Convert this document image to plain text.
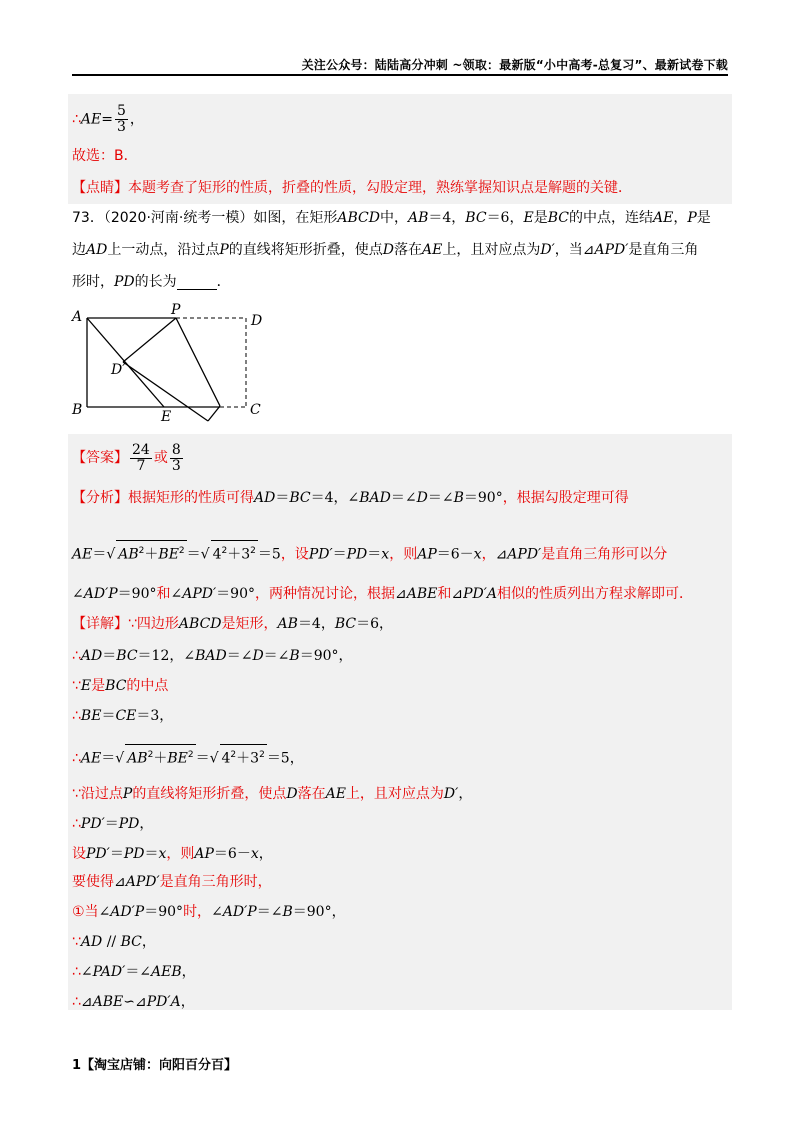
关注公众号：陆陆高分冲刺 ~领取：最新版“小中高考-总复习”、最新试卷下载
∴AE= $\frac{5}{3}$ ，
故选：B．
【点睛】本题考查了矩形的性质，折叠的性质，勾股定理，熟练掌握知识点是解题的关键．
73．（2020·河南·统考一模）如图，在矩形ABCD中，AB＝4，BC＝6，E是BC的中点，连结AE，P是
边AD上一动点，沿过点P的直线将矩形折叠，使点D落在AE上，且对应点为D′，当⊿APD′是直角三角
形时，PD的长为	．
A	P
D
D′
B	E	C
【答案】 $\frac{24}{7}$ 或 $\frac{8}{3}$
【分析】根据矩形的性质可得AD＝BC＝4，∠BAD＝∠D＝∠B＝90°，根据勾股定理可得
AE＝√ $AB^2+BE^2$ ＝√ $4^2+3^2 =5$，设PD′＝PD＝x，则AP＝6－x，⊿APD′是直角三角形可以分
∠AD′P＝90°和∠APD′＝90°，两种情况讨论，根据⊿ABE和⊿PD′A相似的性质列出方程求解即可．
【详解】∵四边形ABCD是矩形，AB＝4，BC＝6，
∴AD＝BC＝12，∠BAD＝∠D＝∠B＝90°，
∵E是BC的中点
∴BE＝CE＝3，
∴AE＝√ $AB^2+BE^2$ ＝√ $4^2+3^2 =5$，
∵沿过点P的直线将矩形折叠，使点D落在AE上，且对应点为D′，
∴PD′＝PD，
设PD′＝PD＝x，则AP＝6－x，
要使得⊿APD′是直角三角形时，
①当∠AD′P＝90°时，∠AD′P＝∠B＝90°，
∵AD // BC，
∴∠PAD′＝∠AEB，
∴⊿ABE∽⊿PD′A，
1【淘宝店铺：向阳百分百】
